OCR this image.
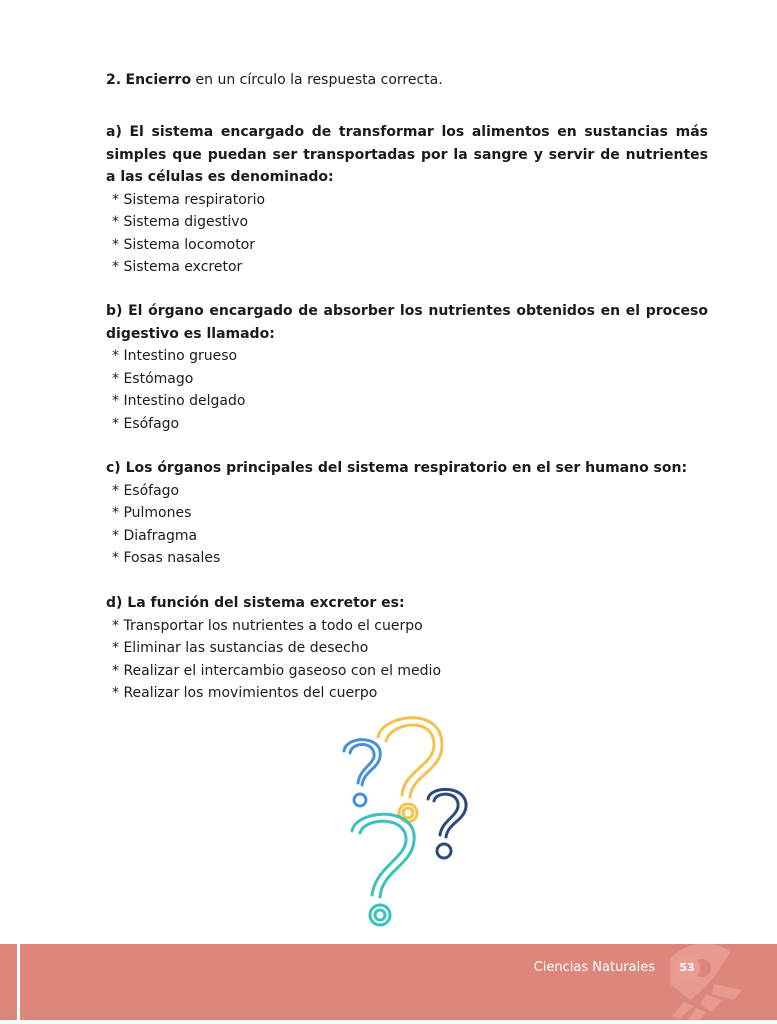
2. Encierro en un círculo la respuesta correcta.

a) El sistema encargado de transformar los alimentos en sustancias más simples que puedan ser transportadas por la sangre y servir de nutrientes a las células es denominado:

* Sistema respiratorio
* Sistema digestivo
* Sistema locomotor
* Sistema excretor

b) El órgano encargado de absorber los nutrientes obtenidos en el proceso digestivo es llamado:

* Intestino grueso
* Estómago
* Intestino delgado
* Esófago

c) Los órganos principales del sistema respiratorio en el ser humano son:

* Esófago
* Pulmones
* Diafragma
* Fosas nasales

d) La función del sistema excretor es:

* Transportar los nutrientes a todo el cuerpo
* Eliminar las sustancias de desecho
* Realizar el intercambio gaseoso con el medio
* Realizar los movimientos del cuerpo
Ciencias Naturales	53
